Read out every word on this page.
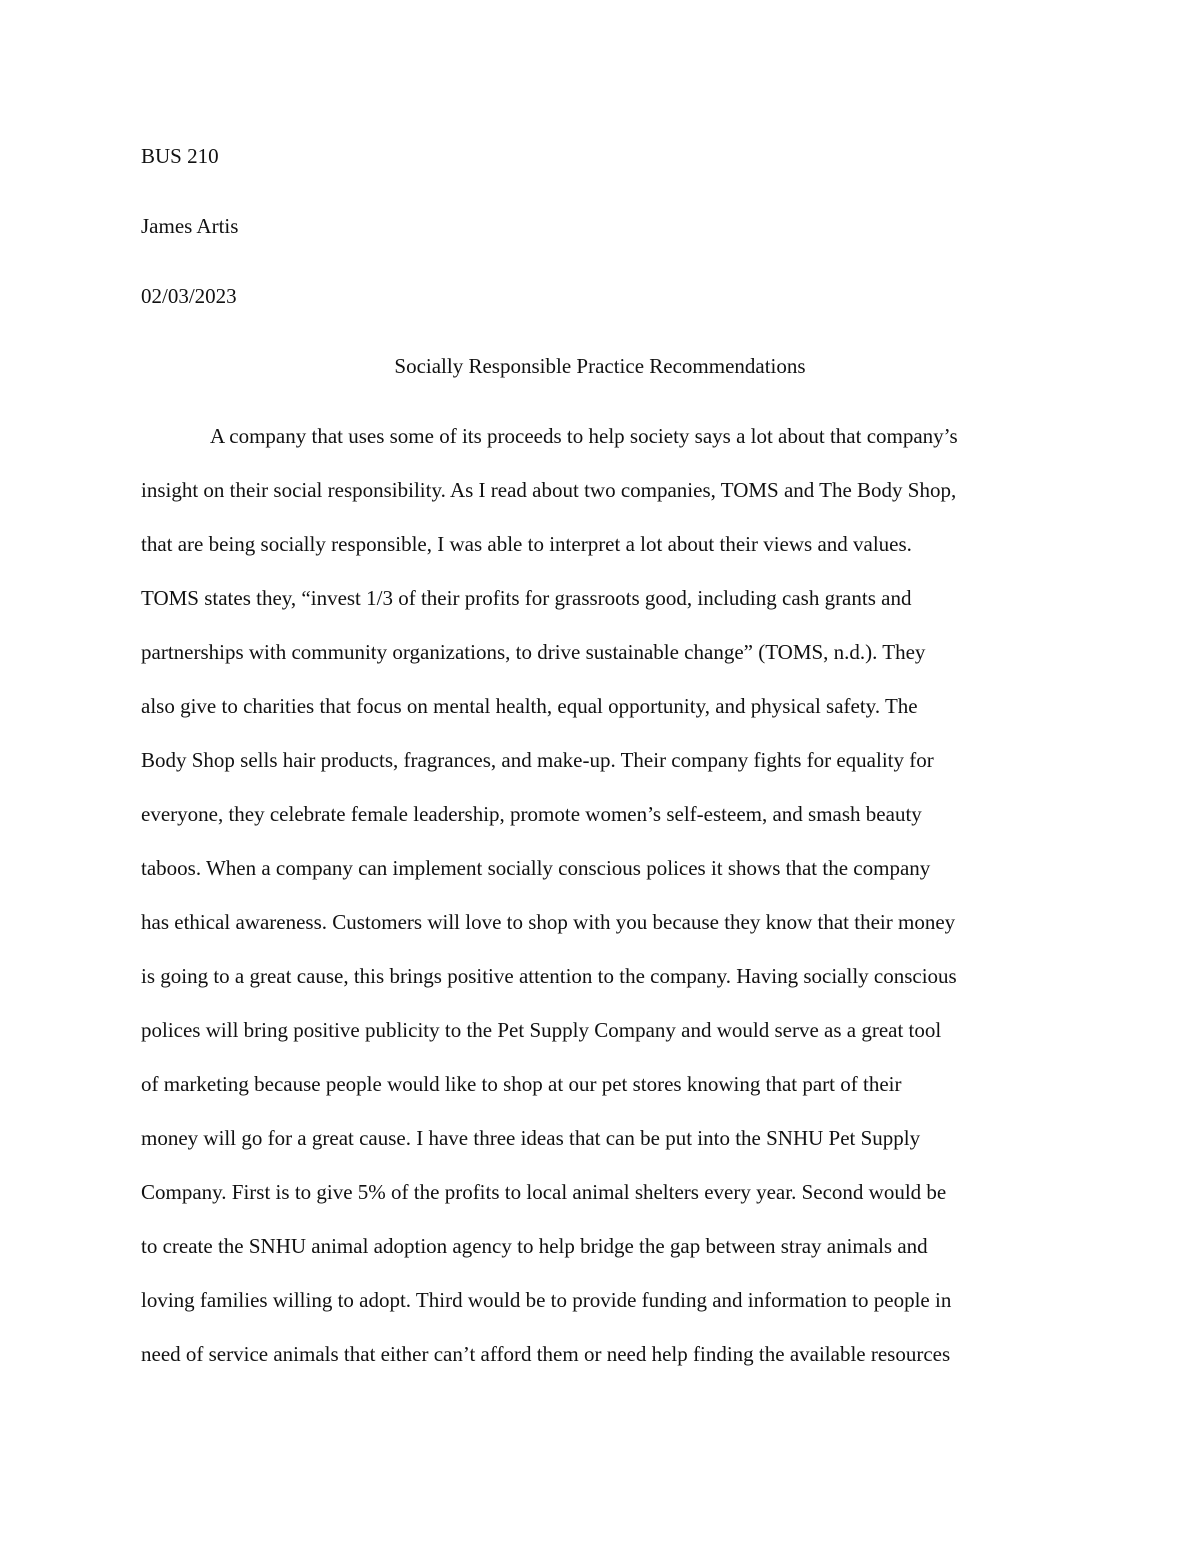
BUS 210
James Artis
02/03/2023
Socially Responsible Practice Recommendations
A company that uses some of its proceeds to help society says a lot about that company’s
insight on their social responsibility. As I read about two companies, TOMS and The Body Shop,
that are being socially responsible, I was able to interpret a lot about their views and values.
TOMS states they, “invest 1/3 of their profits for grassroots good, including cash grants and
partnerships with community organizations, to drive sustainable change” (TOMS, n.d.). They
also give to charities that focus on mental health, equal opportunity, and physical safety. The
Body Shop sells hair products, fragrances, and make-up. Their company fights for equality for
everyone, they celebrate female leadership, promote women’s self-esteem, and smash beauty
taboos. When a company can implement socially conscious polices it shows that the company
has ethical awareness. Customers will love to shop with you because they know that their money
is going to a great cause, this brings positive attention to the company. Having socially conscious
polices will bring positive publicity to the Pet Supply Company and would serve as a great tool
of marketing because people would like to shop at our pet stores knowing that part of their
money will go for a great cause. I have three ideas that can be put into the SNHU Pet Supply
Company. First is to give 5% of the profits to local animal shelters every year. Second would be
to create the SNHU animal adoption agency to help bridge the gap between stray animals and
loving families willing to adopt. Third would be to provide funding and information to people in
need of service animals that either can’t afford them or need help finding the available resources
